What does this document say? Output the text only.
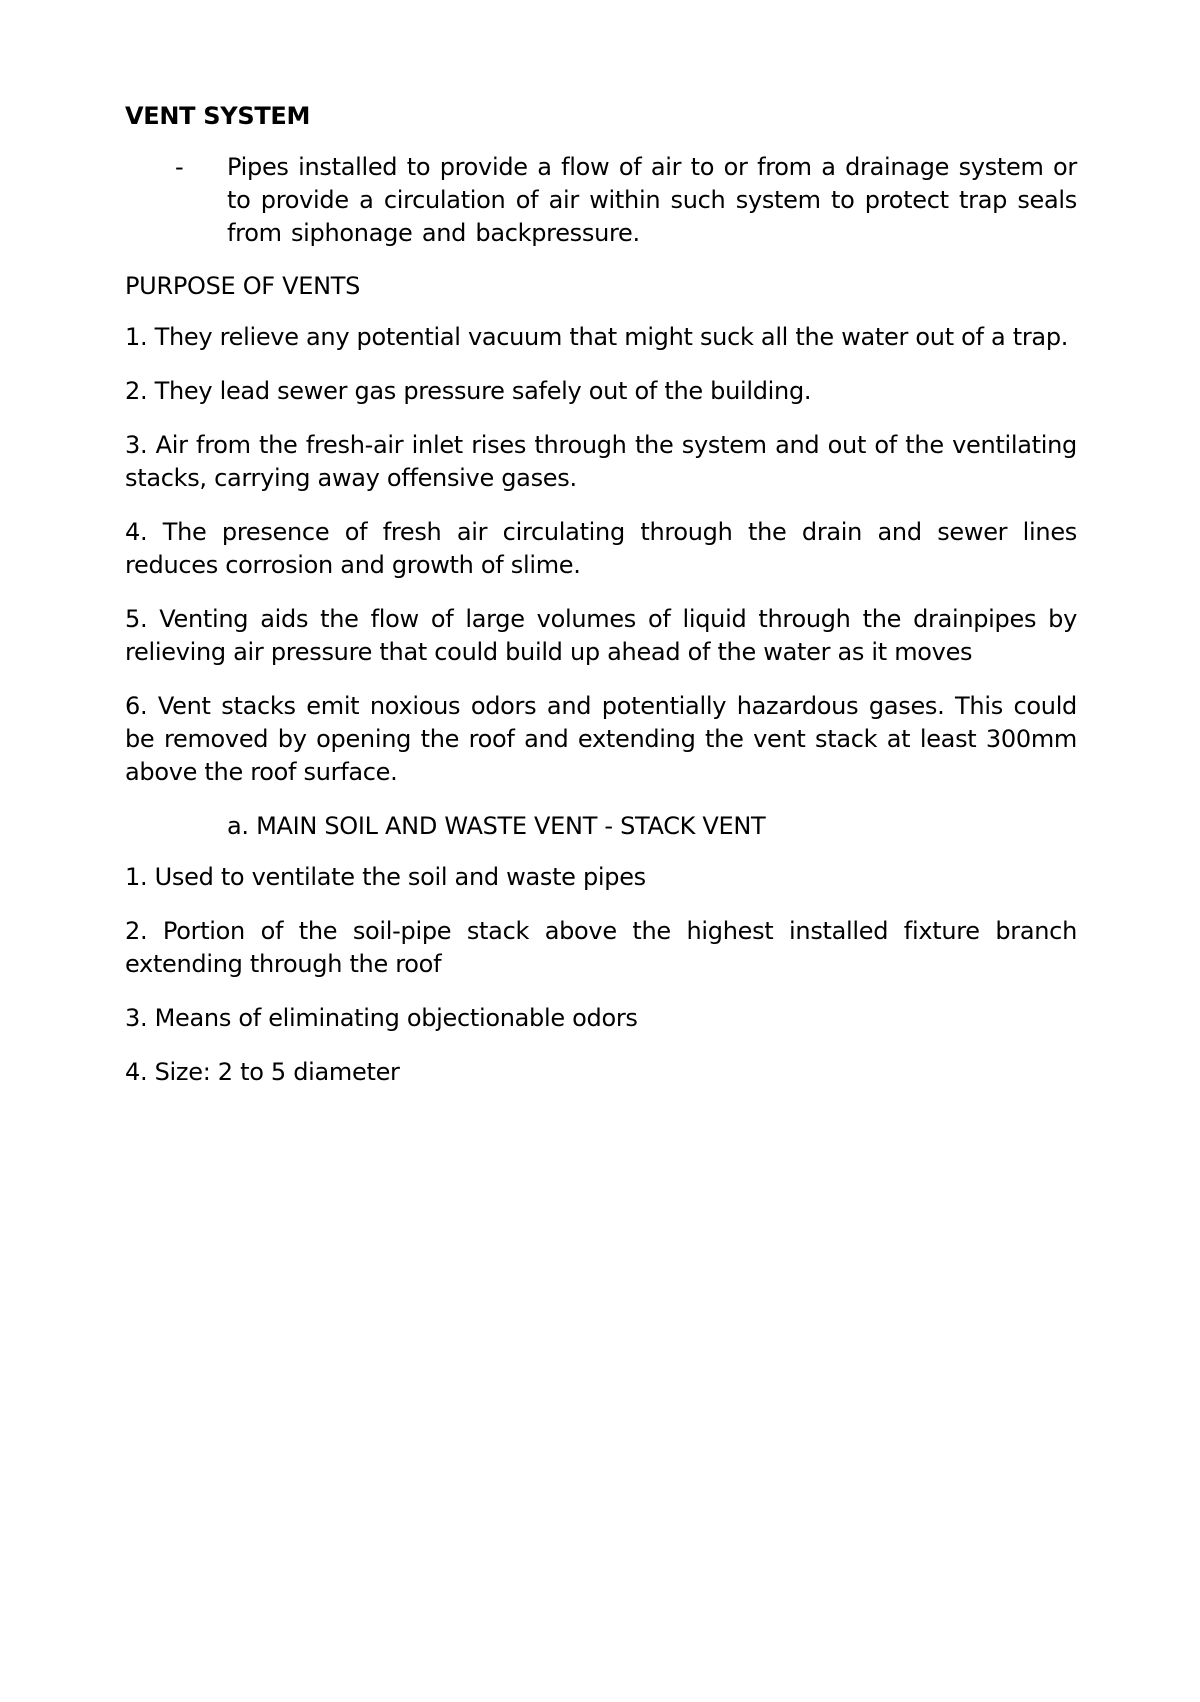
VENT SYSTEM
-	Pipes installed to provide a flow of air to or from a drainage system or to provide a circulation of air within such system to protect trap seals from siphonage and backpressure.
PURPOSE OF VENTS
1. They relieve any potential vacuum that might suck all the water out of a trap.
2. They lead sewer gas pressure safely out of the building.
3. Air from the fresh-air inlet rises through the system and out of the ventilating stacks, carrying away offensive gases.
4. The presence of fresh air circulating through the drain and sewer lines reduces corrosion and growth of slime.
5. Venting aids the flow of large volumes of liquid through the drainpipes by relieving air pressure that could build up ahead of the water as it moves
6. Vent stacks emit noxious odors and potentially hazardous gases. This could be removed by opening the roof and extending the vent stack at least 300mm above the roof surface.
a. MAIN SOIL AND WASTE VENT - STACK VENT
1. Used to ventilate the soil and waste pipes
2. Portion of the soil-pipe stack above the highest installed fixture branch extending through the roof
3. Means of eliminating objectionable odors
4. Size: 2 to 5 diameter
